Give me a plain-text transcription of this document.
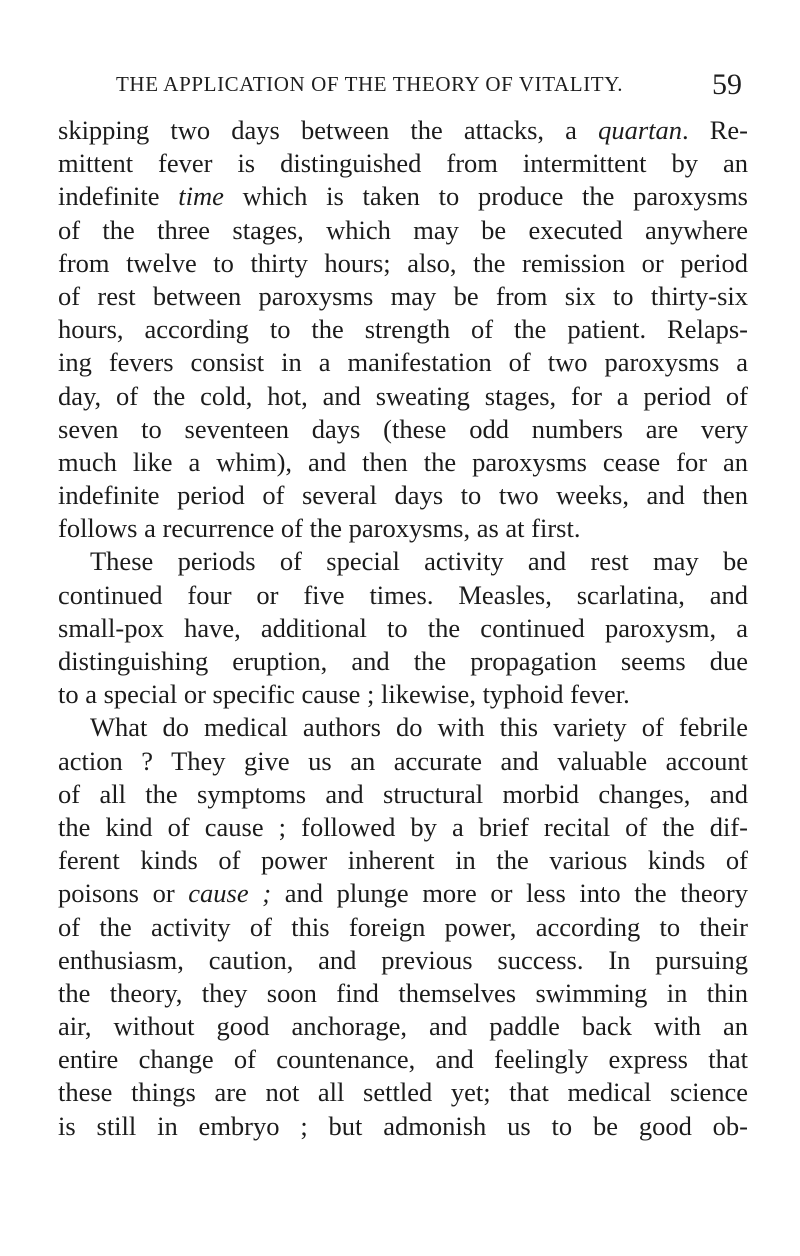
THE APPLICATION OF THE THEORY OF VITALITY.	59
skipping two days between the attacks, a quartan. Re-
mittent fever is distinguished from intermittent by an
indefinite time which is taken to produce the paroxysms
of the three stages, which may be executed anywhere
from twelve to thirty hours; also, the remission or period
of rest between paroxysms may be from six to thirty-six
hours, according to the strength of the patient. Relaps-
ing fevers consist in a manifestation of two paroxysms a
day, of the cold, hot, and sweating stages, for a period of
seven to seventeen days (these odd numbers are very
much like a whim), and then the paroxysms cease for an
indefinite period of several days to two weeks, and then
follows a recurrence of the paroxysms, as at first.
These periods of special activity and rest may be
continued four or five times. Measles, scarlatina, and
small-pox have, additional to the continued paroxysm, a
distinguishing eruption, and the propagation seems due
to a special or specific cause ; likewise, typhoid fever.
What do medical authors do with this variety of febrile
action ? They give us an accurate and valuable account
of all the symptoms and structural morbid changes, and
the kind of cause ; followed by a brief recital of the dif-
ferent kinds of power inherent in the various kinds of
poisons or cause ; and plunge more or less into the theory
of the activity of this foreign power, according to their
enthusiasm, caution, and previous success. In pursuing
the theory, they soon find themselves swimming in thin
air, without good anchorage, and paddle back with an
entire change of countenance, and feelingly express that
these things are not all settled yet; that medical science
is still in embryo ; but admonish us to be good ob-
